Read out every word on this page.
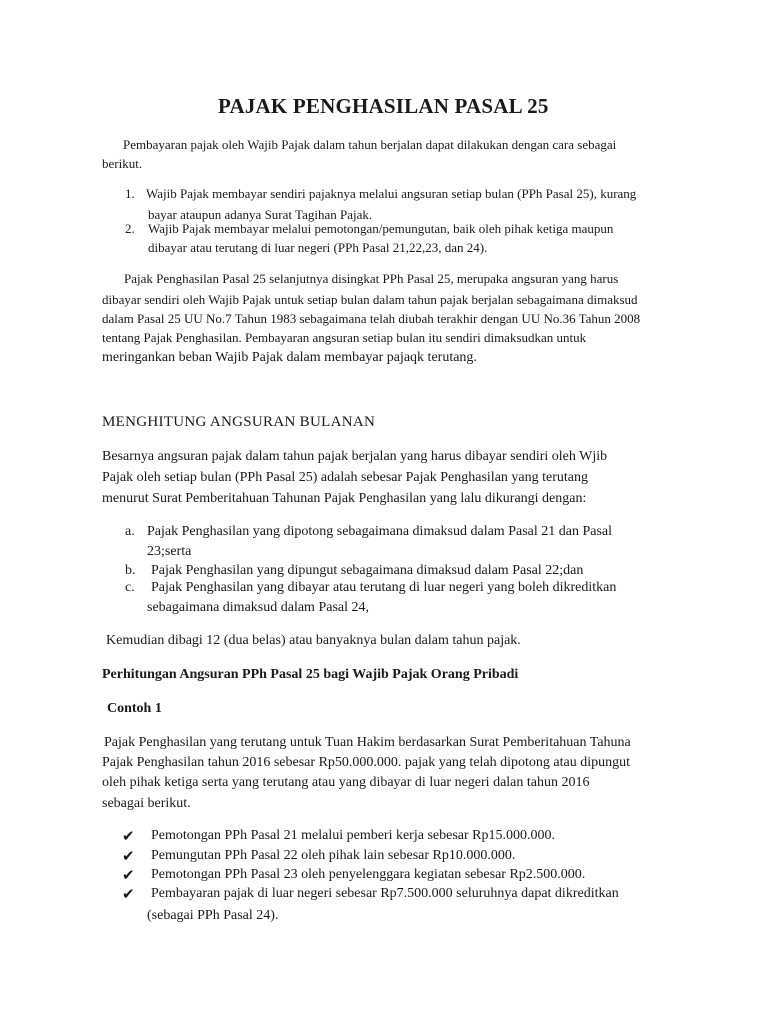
PAJAK PENGHASILAN PASAL 25
Pembayaran pajak oleh Wajib Pajak dalam tahun berjalan dapat dilakukan dengan cara sebagai
berikut.
1. Wajib Pajak membayar sendiri pajaknya melalui angsuran setiap bulan (PPh Pasal 25), kurang
bayar ataupun adanya Surat Tagihan Pajak.
2. Wajib Pajak membayar melalui pemotongan/pemungutan, baik oleh pihak ketiga maupun
dibayar atau terutang di luar negeri (PPh Pasal 21,22,23, dan 24).
Pajak Penghasilan Pasal 25 selanjutnya disingkat PPh Pasal 25, merupaka angsuran yang harus
dibayar sendiri oleh Wajib Pajak untuk setiap bulan dalam tahun pajak berjalan sebagaimana dimaksud
dalam Pasal 25 UU No.7 Tahun 1983 sebagaimana telah diubah terakhir dengan UU No.36 Tahun 2008
tentang Pajak Penghasilan. Pembayaran angsuran setiap bulan itu sendiri dimaksudkan untuk
meringankan beban Wajib Pajak dalam membayar pajaqk terutang.
MENGHITUNG ANGSURAN BULANAN
Besarnya angsuran pajak dalam tahun pajak berjalan yang harus dibayar sendiri oleh Wjib
Pajak oleh setiap bulan (PPh Pasal 25) adalah sebesar Pajak Penghasilan yang terutang
menurut Surat Pemberitahuan Tahunan Pajak Penghasilan yang lalu dikurangi dengan:
a. Pajak Penghasilan yang dipotong sebagaimana dimaksud dalam Pasal 21 dan Pasal
23;serta
b. Pajak Penghasilan yang dipungut sebagaimana dimaksud dalam Pasal 22;dan
c. Pajak Penghasilan yang dibayar atau terutang di luar negeri yang boleh dikreditkan
sebagaimana dimaksud dalam Pasal 24,
Kemudian dibagi 12 (dua belas) atau banyaknya bulan dalam tahun pajak.
Perhitungan Angsuran PPh Pasal 25 bagi Wajib Pajak Orang Pribadi
Contoh 1
Pajak Penghasilan yang terutang untuk Tuan Hakim berdasarkan Surat Pemberitahuan Tahuna
Pajak Penghasilan tahun 2016 sebesar Rp50.000.000. pajak yang telah dipotong atau dipungut
oleh pihak ketiga serta yang terutang atau yang dibayar di luar negeri dalan tahun 2016
sebagai berikut.
✔ Pemotongan PPh Pasal 21 melalui pemberi kerja sebesar Rp15.000.000.
✔ Pemungutan PPh Pasal 22 oleh pihak lain sebesar Rp10.000.000.
✔ Pemotongan PPh Pasal 23 oleh penyelenggara kegiatan sebesar Rp2.500.000.
✔ Pembayaran pajak di luar negeri sebesar Rp7.500.000 seluruhnya dapat dikreditkan
(sebagai PPh Pasal 24).
